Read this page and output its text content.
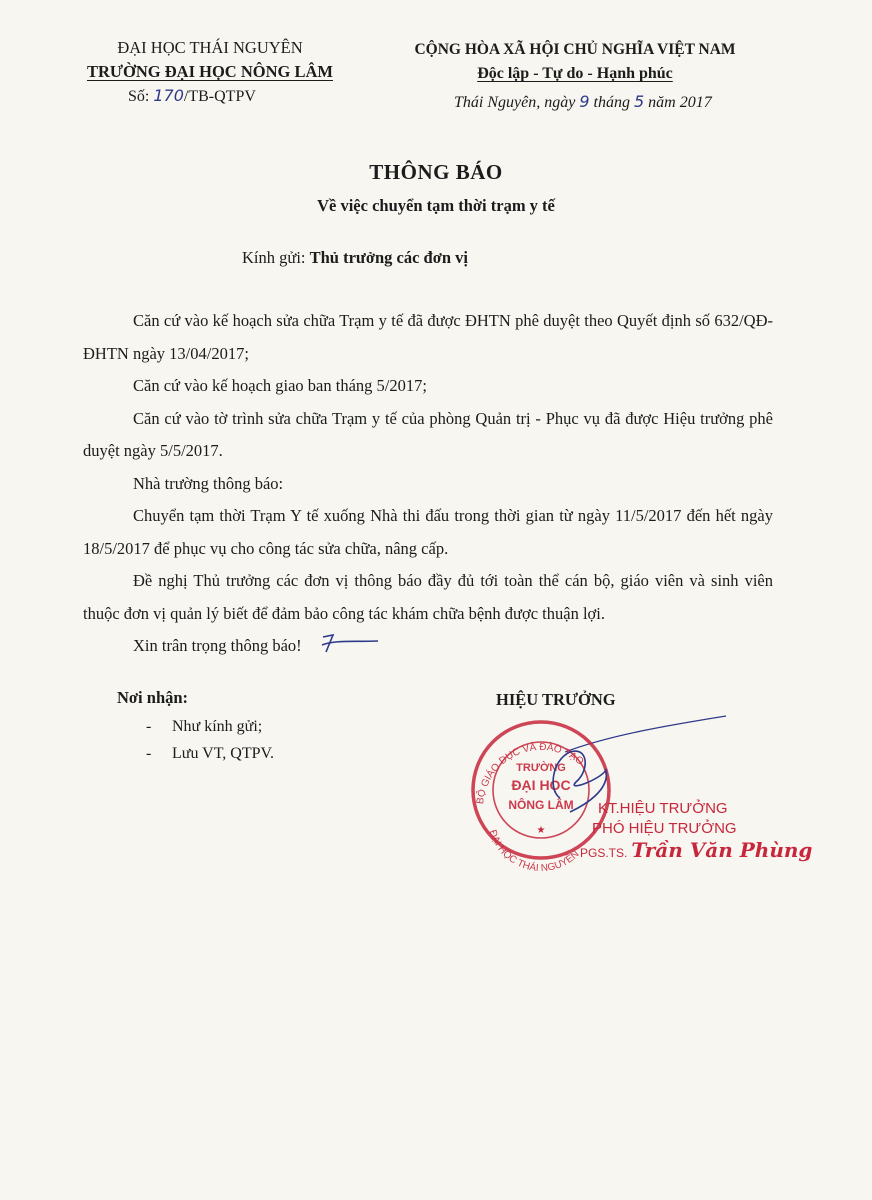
ĐẠI HỌC THÁI NGUYÊN
TRƯỜNG ĐẠI HỌC NÔNG LÂM
Số: 170/TB-QTPV
CỘNG HÒA XÃ HỘI CHỦ NGHĨA VIỆT NAM
Độc lập - Tự do - Hạnh phúc
Thái Nguyên, ngày 9 tháng 5 năm 2017
THÔNG BÁO
Về việc chuyển tạm thời trạm y tế
Kính gửi: Thủ trưởng các đơn vị

Căn cứ vào kế hoạch sửa chữa Trạm y tế đã được ĐHTN phê duyệt theo Quyết định số 632/QĐ-ĐHTN ngày 13/04/2017;

Căn cứ vào kế hoạch giao ban tháng 5/2017;

Căn cứ vào tờ trình sửa chữa Trạm y tế của phòng Quản trị - Phục vụ đã được Hiệu trưởng phê duyệt ngày 5/5/2017.

Nhà trường thông báo:

Chuyển tạm thời Trạm Y tế xuống Nhà thi đấu trong thời gian từ ngày 11/5/2017 đến hết ngày 18/5/2017 để phục vụ cho công tác sửa chữa, nâng cấp.

Đề nghị Thủ trưởng các đơn vị thông báo đầy đủ tới toàn thể cán bộ, giáo viên và sinh viên thuộc đơn vị quản lý biết để đảm bảo công tác khám chữa bệnh được thuận lợi.

Xin trân trọng thông báo!

Nơi nhận:
- Như kính gửi;
- Lưu VT, QTPV.
HIỆU TRƯỞNG
BỘ GIÁO DỤC VÀ ĐÀO TẠO
ĐẠI HỌC THÁI NGUYÊN
TRƯỜNG
ĐẠI HỌC
NÔNG LÂM
★
KT.HIỆU TRƯỞNG
PHÓ HIỆU TRƯỞNG
PGS.TS. Trần Văn Phùng
